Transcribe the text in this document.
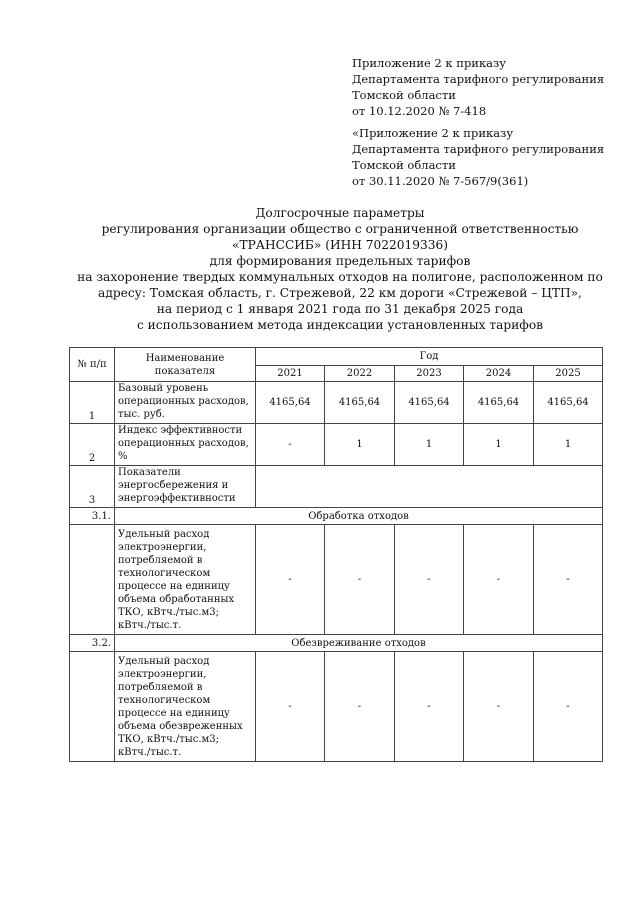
Приложение 2 к приказу
Департамента тарифного регулирования
Томской области
от 10.12.2020 № 7-418
«Приложение 2 к приказу
Департамента тарифного регулирования
Томской области
от 30.11.2020 № 7-567/9(361)
Долгосрочные параметры
регулирования организации общество с ограниченной ответственностью
«ТРАНССИБ» (ИНН 7022019336)
для формирования предельных тарифов
на захоронение твердых коммунальных отходов на полигоне, расположенном по
адресу: Томская область, г. Стрежевой, 22 км дороги «Стрежевой – ЦТП»,
на период с 1 января 2021 года по 31 декабря 2025 года
с использованием метода индексации установленных тарифов
№ п/п	Наименование показателя	Год				
		2021	2022	2023	2024	2025
1	Базовый уровень операционных расходов, тыс. руб.	4165,64	4165,64	4165,64	4165,64	4165,64
2	Индекс эффективности операционных расходов, %	-	1	1	1	1
3	Показатели энергосбережения и энергоэффективности					
3.1.	Обработка отходов					
	Удельный расход электроэнергии, потребляемой в технологическом процессе на единицу объема обработанных ТКО, кВтч./тыс.м3; кВтч./тыс.т.	-	-	-	-	-
3.2.	Обезвреживание отходов					
	Удельный расход электроэнергии, потребляемой в технологическом процессе на единицу объема обезвреженных ТКО, кВтч./тыс.м3; кВтч./тыс.т.	-	-	-	-	-
